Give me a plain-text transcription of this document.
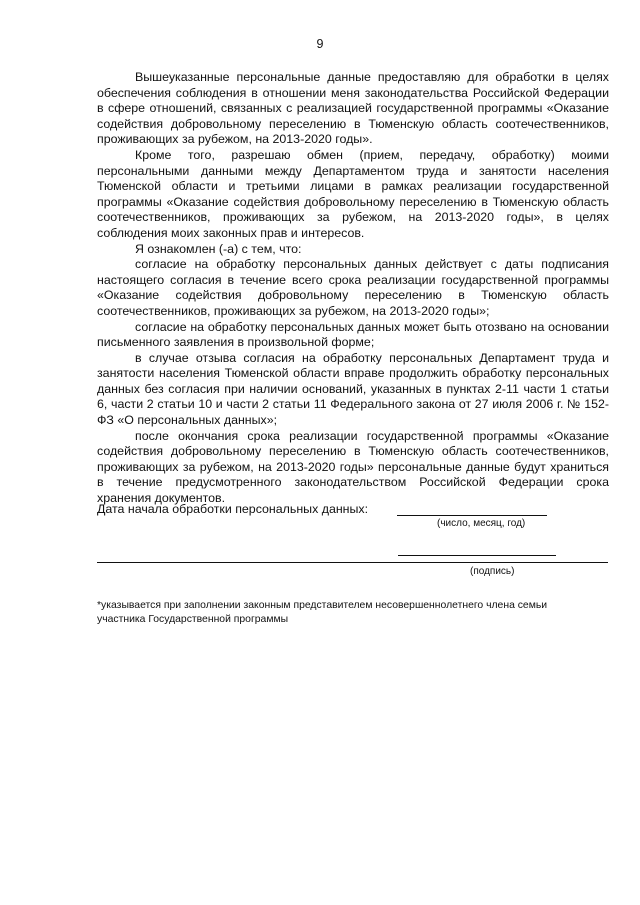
9

Вышеуказанные персональные данные предоставляю для обработки в целях обеспечения соблюдения в отношении меня законодательства Российской Федерации в сфере отношений, связанных с реализацией государственной программы «Оказание содействия добровольному переселению в Тюменскую область соотечественников, проживающих за рубежом, на 2013-2020 годы».

Кроме того, разрешаю обмен (прием, передачу, обработку) моими персональными данными между Департаментом труда и занятости населения Тюменской области и третьими лицами в рамках реализации государственной программы «Оказание содействия добровольному переселению в Тюменскую область соотечественников, проживающих за рубежом, на 2013-2020 годы», в целях соблюдения моих законных прав и интересов.

Я ознакомлен (-а) с тем, что:

согласие на обработку персональных данных действует с даты подписания настоящего согласия в течение всего срока реализации государственной программы «Оказание содействия добровольному переселению в Тюменскую область соотечественников, проживающих за рубежом, на 2013-2020 годы»;

согласие на обработку персональных данных может быть отозвано на основании письменного заявления в произвольной форме;

в случае отзыва согласия на обработку персональных Департамент труда и занятости населения Тюменской области вправе продолжить обработку персональных данных без согласия при наличии оснований, указанных в пунктах 2-11 части 1 статьи 6, части 2 статьи 10 и части 2 статьи 11 Федерального закона от 27 июля 2006 г. № 152-ФЗ «О персональных данных»;

после окончания срока реализации государственной программы «Оказание содействия добровольному переселению в Тюменскую область соотечественников, проживающих за рубежом, на 2013-2020 годы» персональные данные будут храниться в течение предусмотренного законодательством Российской Федерации срока хранения документов.

Дата начала обработки персональных данных:
(число, месяц, год)
(подпись)
*указывается при заполнении законным представителем несовершеннолетнего члена семьи
участника Государственной программы
